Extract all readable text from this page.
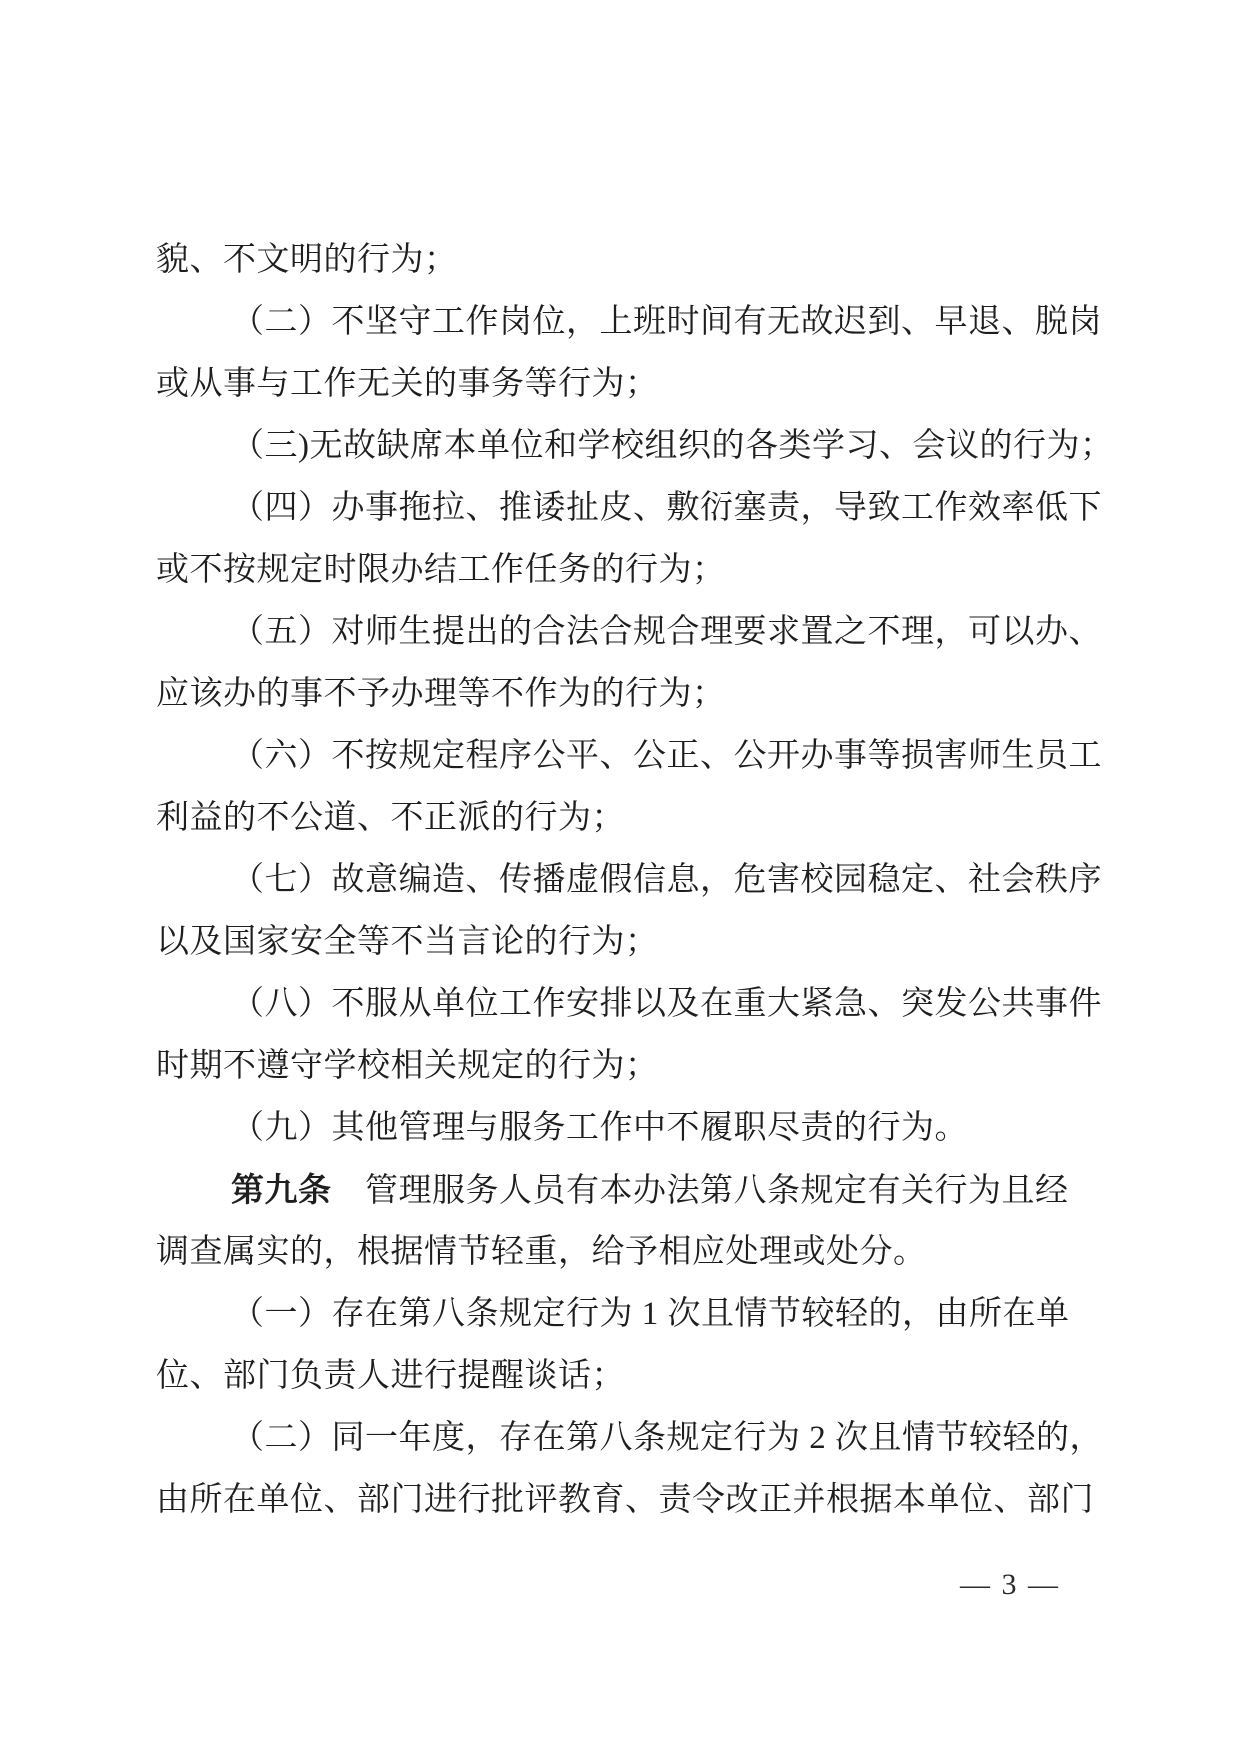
貌、不文明的行为；
（二）不坚守工作岗位，上班时间有无故迟到、早退、脱岗
或从事与工作无关的事务等行为；
（三)无故缺席本单位和学校组织的各类学习、会议的行为；
（四）办事拖拉、推诿扯皮、敷衍塞责，导致工作效率低下
或不按规定时限办结工作任务的行为；
（五）对师生提出的合法合规合理要求置之不理，可以办、
应该办的事不予办理等不作为的行为；
（六）不按规定程序公平、公正、公开办事等损害师生员工
利益的不公道、不正派的行为；
（七）故意编造、传播虚假信息，危害校园稳定、社会秩序
以及国家安全等不当言论的行为；
（八）不服从单位工作安排以及在重大紧急、突发公共事件
时期不遵守学校相关规定的行为；
（九）其他管理与服务工作中不履职尽责的行为。
第九条　管理服务人员有本办法第八条规定有关行为且经
调查属实的，根据情节轻重，给予相应处理或处分。
（一）存在第八条规定行为 1 次且情节较轻的，由所在单
位、部门负责人进行提醒谈话；
（二）同一年度，存在第八条规定行为 2 次且情节较轻的，
由所在单位、部门进行批评教育、责令改正并根据本单位、部门
— 3 —
